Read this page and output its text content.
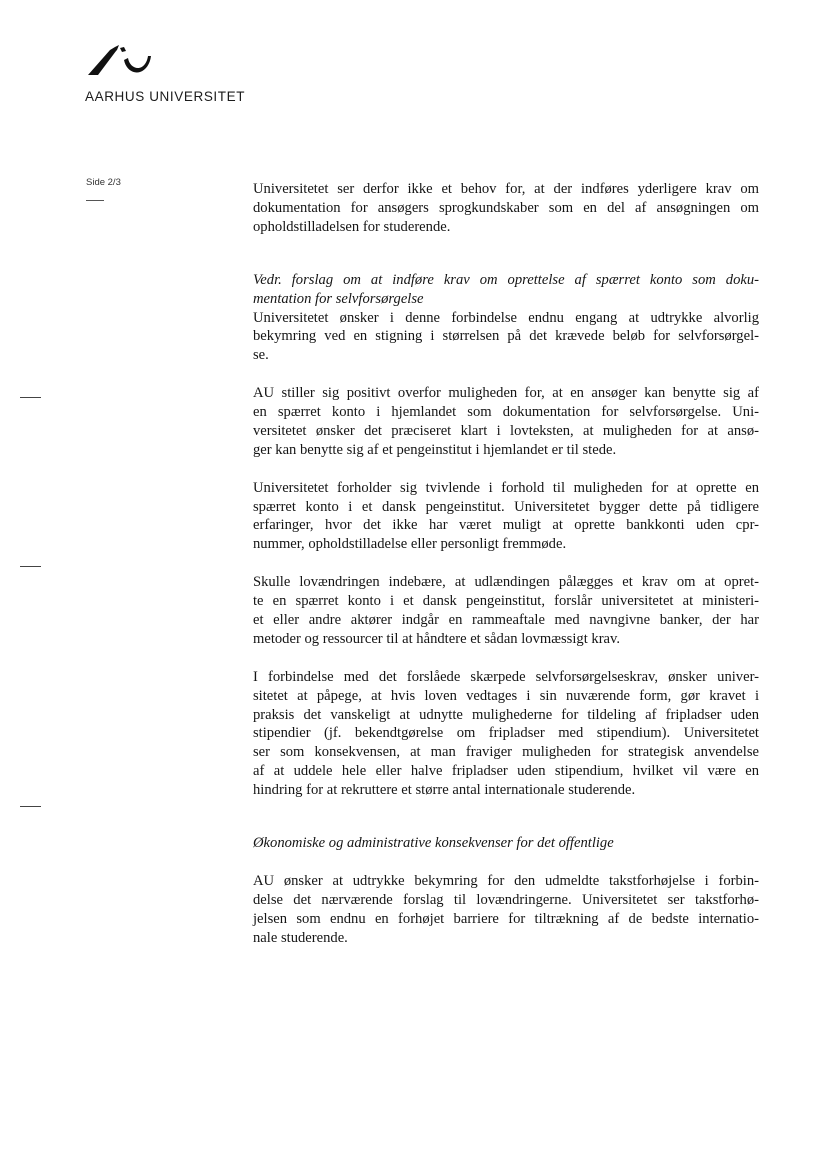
AARHUS UNIVERSITET
Side 2/3	Universitetet ser derfor ikke et behov for, at der indføres yderligere krav om
dokumentation for ansøgers sprogkundskaber som en del af ansøgningen om
opholdstilladelsen for studerende.
Vedr. forslag om at indføre krav om oprettelse af spærret konto som doku-
mentation for selvforsørgelse
Universitetet ønsker i denne forbindelse endnu engang at udtrykke alvorlig
bekymring ved en stigning i størrelsen på det krævede beløb for selvforsørgel-
se.
AU stiller sig positivt overfor muligheden for, at en ansøger kan benytte sig af
en spærret konto i hjemlandet som dokumentation for selvforsørgelse. Uni-
versitetet ønsker det præciseret klart i lovteksten, at muligheden for at ansø-
ger kan benytte sig af et pengeinstitut i hjemlandet er til stede.
Universitetet forholder sig tvivlende i forhold til muligheden for at oprette en
spærret konto i et dansk pengeinstitut. Universitetet bygger dette på tidligere
erfaringer, hvor det ikke har været muligt at oprette bankkonti uden cpr-
nummer, opholdstilladelse eller personligt fremmøde.
Skulle lovændringen indebære, at udlændingen pålægges et krav om at opret-
te en spærret konto i et dansk pengeinstitut, forslår universitetet at ministeri-
et eller andre aktører indgår en rammeaftale med navngivne banker, der har
metoder og ressourcer til at håndtere et sådan lovmæssigt krav.
I forbindelse med det forslåede skærpede selvforsørgelseskrav, ønsker univer-
sitetet at påpege, at hvis loven vedtages i sin nuværende form, gør kravet i
praksis det vanskeligt at udnytte mulighederne for tildeling af fripladser uden
stipendier (jf. bekendtgørelse om fripladser med stipendium). Universitetet
ser som konsekvensen, at man fraviger muligheden for strategisk anvendelse
af at uddele hele eller halve fripladser uden stipendium, hvilket vil være en
hindring for at rekruttere et større antal internationale studerende.
Økonomiske og administrative konsekvenser for det offentlige
AU ønsker at udtrykke bekymring for den udmeldte takstforhøjelse i forbin-
delse det nærværende forslag til lovændringerne. Universitetet ser takstforhø-
jelsen som endnu en forhøjet barriere for tiltrækning af de bedste internatio-
nale studerende.
